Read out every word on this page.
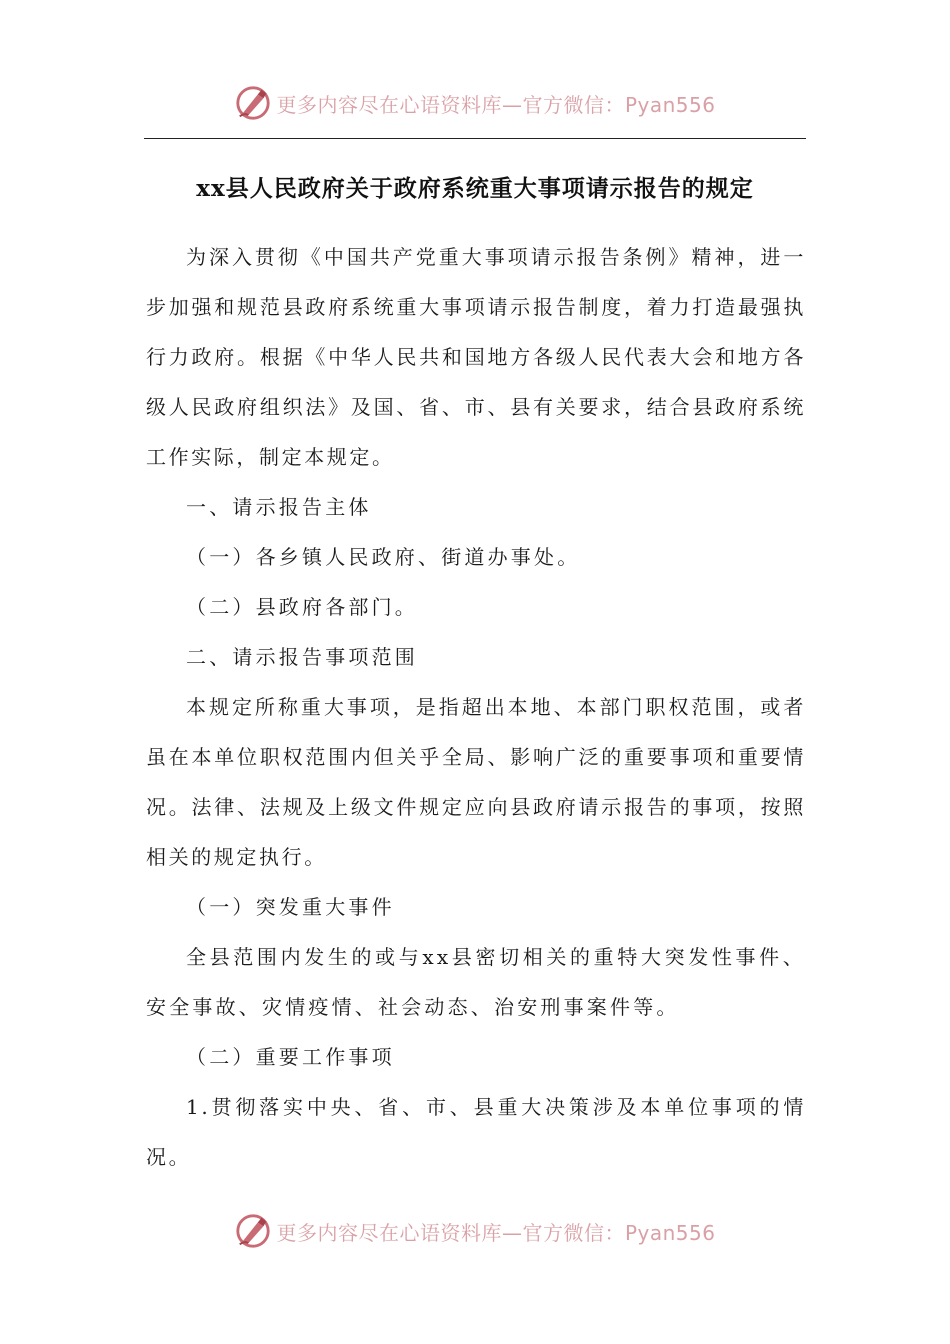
更多内容尽在心语资料库—官方微信：Pyan556
xx县人民政府关于政府系统重大事项请示报告的规定

为深入贯彻《中国共产党重大事项请示报告条例》精神，进一步加强和规范县政府系统重大事项请示报告制度，着力打造最强执行力政府。根据《中华人民共和国地方各级人民代表大会和地方各级人民政府组织法》及国、省、市、县有关要求，结合县政府系统工作实际，制定本规定。

一、请示报告主体

（一）各乡镇人民政府、街道办事处。

（二）县政府各部门。

二、请示报告事项范围

本规定所称重大事项，是指超出本地、本部门职权范围，或者虽在本单位职权范围内但关乎全局、影响广泛的重要事项和重要情况。法律、法规及上级文件规定应向县政府请示报告的事项，按照相关的规定执行。

（一）突发重大事件

全县范围内发生的或与xx县密切相关的重特大突发性事件、安全事故、灾情疫情、社会动态、治安刑事案件等。

（二）重要工作事项

1.贯彻落实中央、省、市、县重大决策涉及本单位事项的情况。

更多内容尽在心语资料库—官方微信：Pyan556
